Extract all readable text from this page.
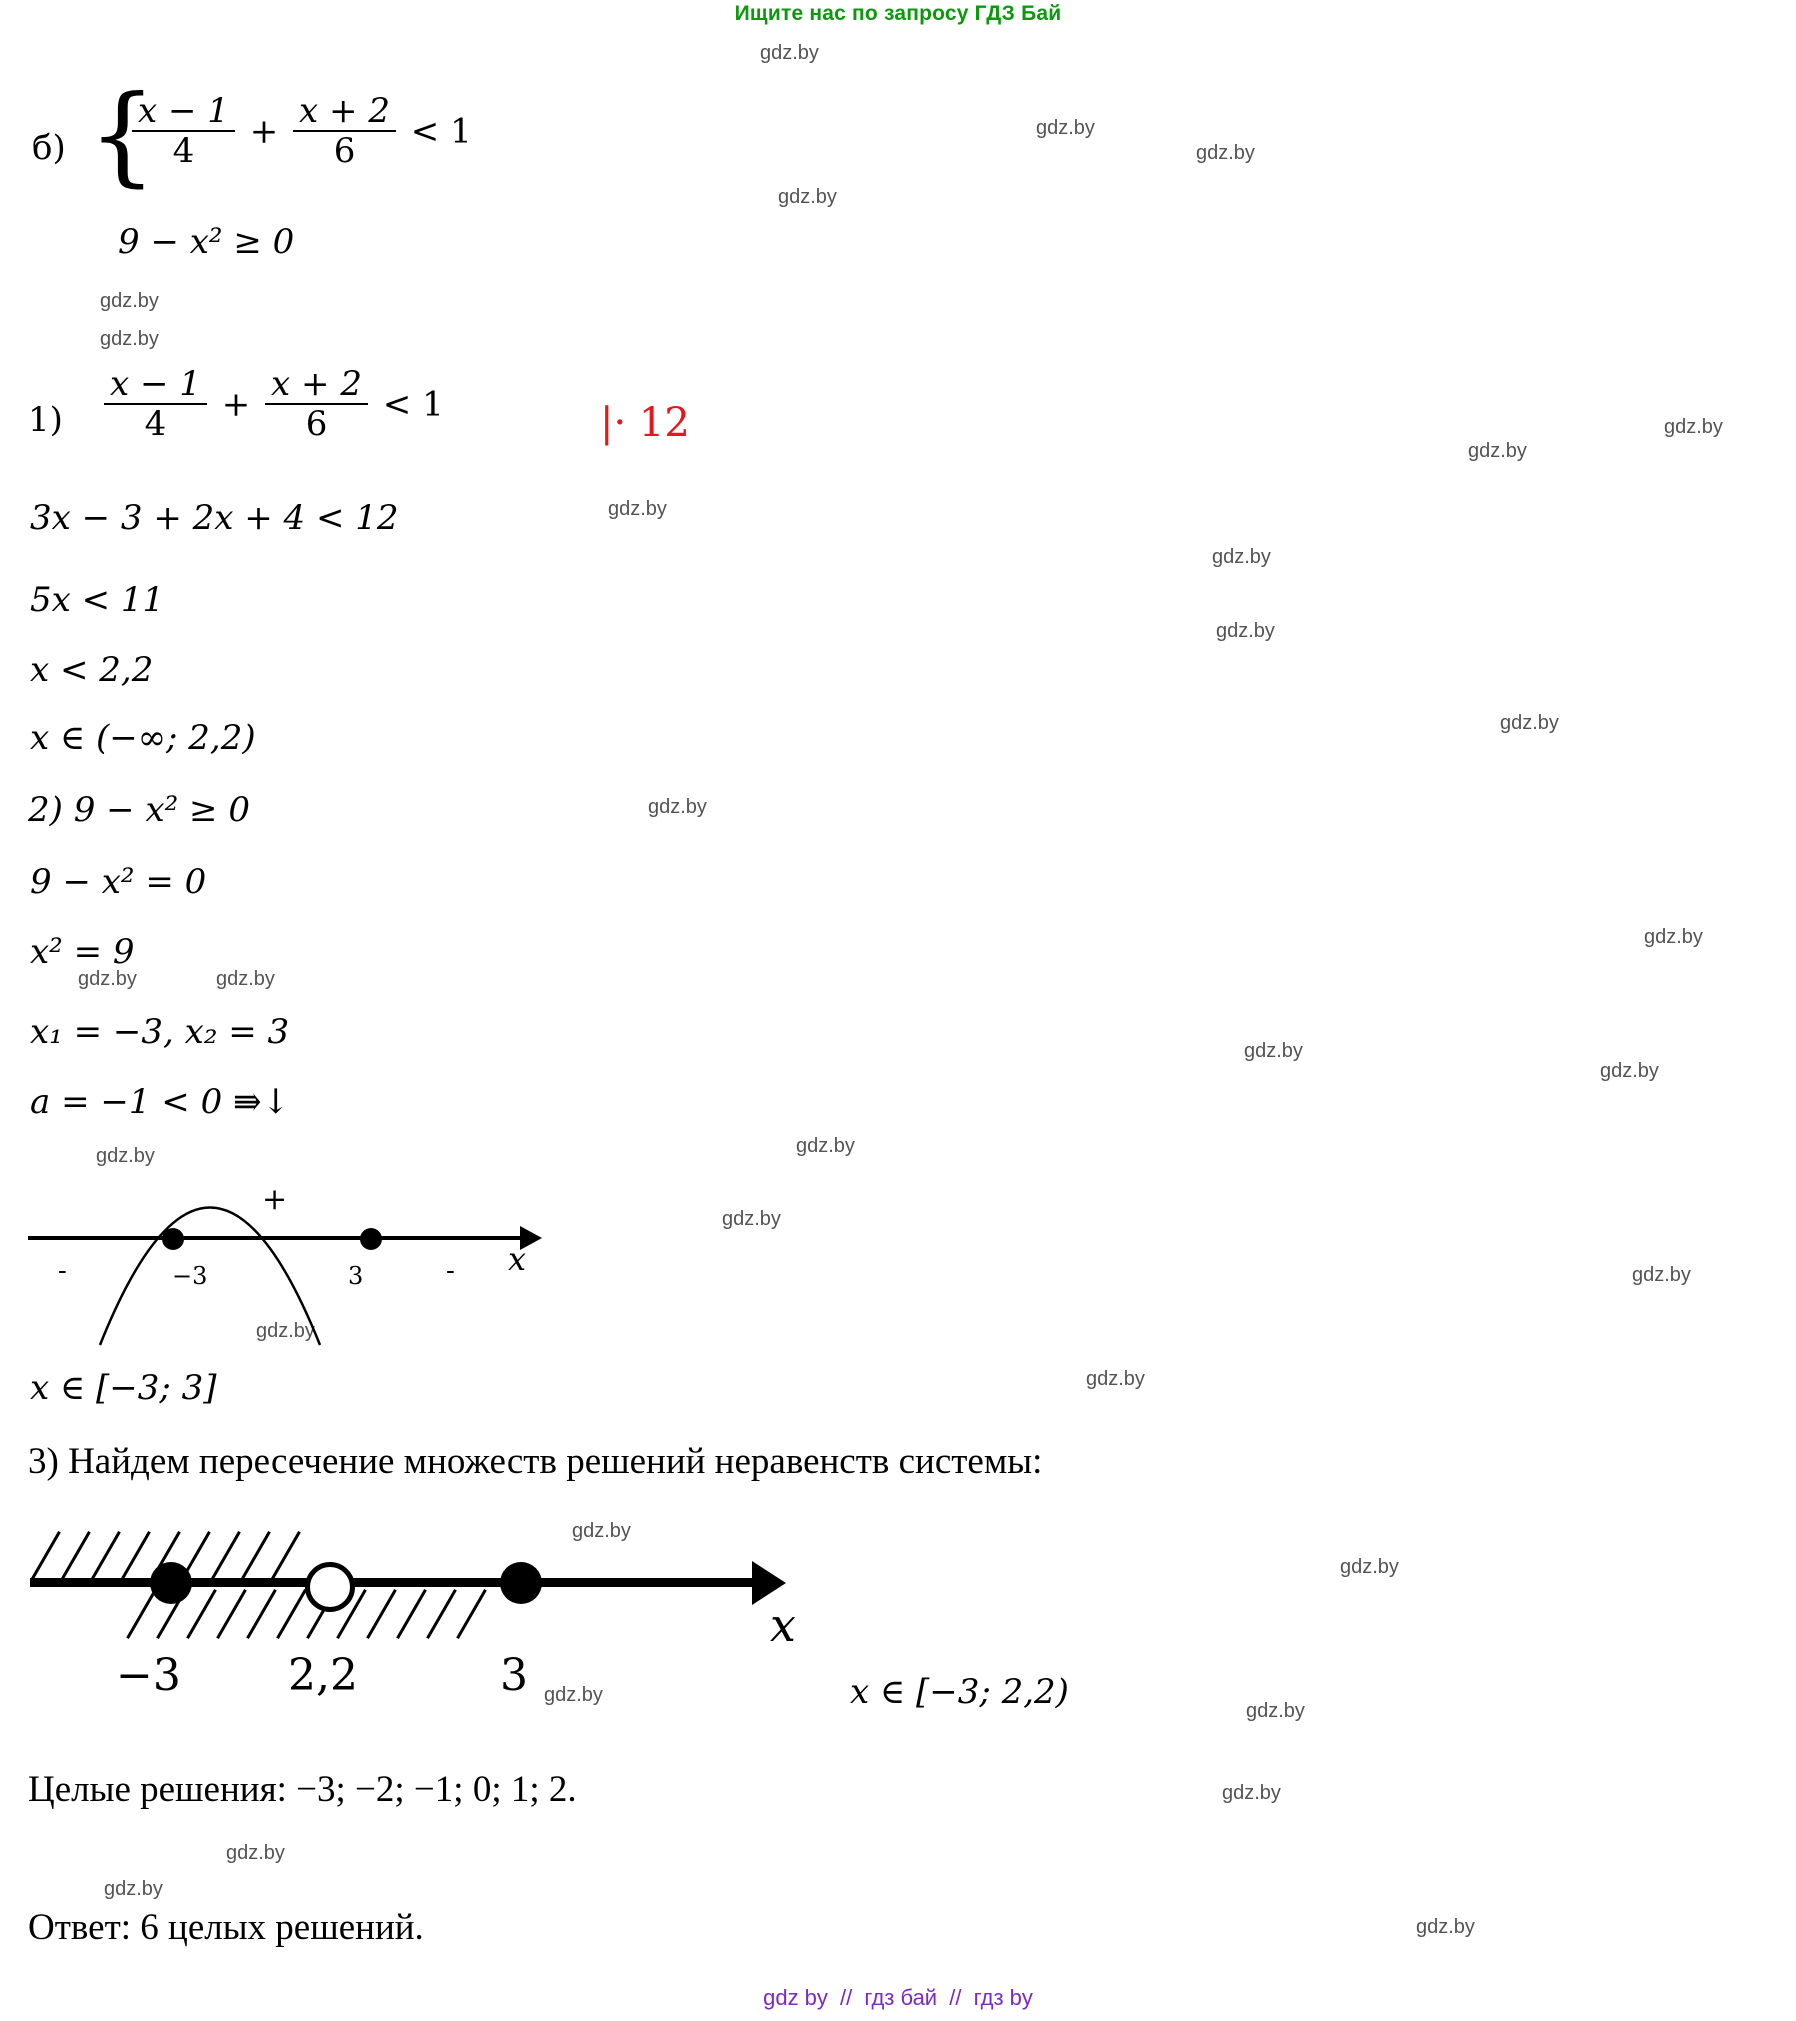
Ищите нас по запросу ГДЗ Бай
gdz.by
gdz.by
gdz.by
gdz.by
gdz.by
gdz.by
gdz.by
gdz.by
gdz.by
gdz.by
gdz.by
gdz.by
gdz.by
gdz.by
gdz.by	gdz.by
gdz.by
gdz.by
gdz.by	gdz.by
gdz.by
gdz.by
gdz.by
gdz.by
gdz.by
gdz.by
gdz.by
gdz.by
gdz.by
gdz.by
gdz.by
gdz.by
б) {
$\frac{x - 1}{4} + \frac{x + 2}{6} < 1$
9 − x² ≥ 0
$1) \frac{x - 1}{4} + \frac{x + 2}{6} < 1$	|· 12
3x − 3 + 2x + 4 < 12
5x < 11
x < 2,2
x ∈ (−∞; 2,2)
2) 9 − x² ≥ 0
9 − x² = 0
x² = 9
x₁ = −3, x₂ = 3
a = −1 < 0 ⇛↓
−3	3
-
+
- x
x ∈ [−3; 3]
3) Найдем пересечение множеств решений неравенств системы:
−3 2,2	3
x
x ∈ [−3; 2,2)
Целые решения: −3; −2; −1; 0; 1; 2.
Ответ: 6 целых решений.
gdz by // гдз бай // гдз by
